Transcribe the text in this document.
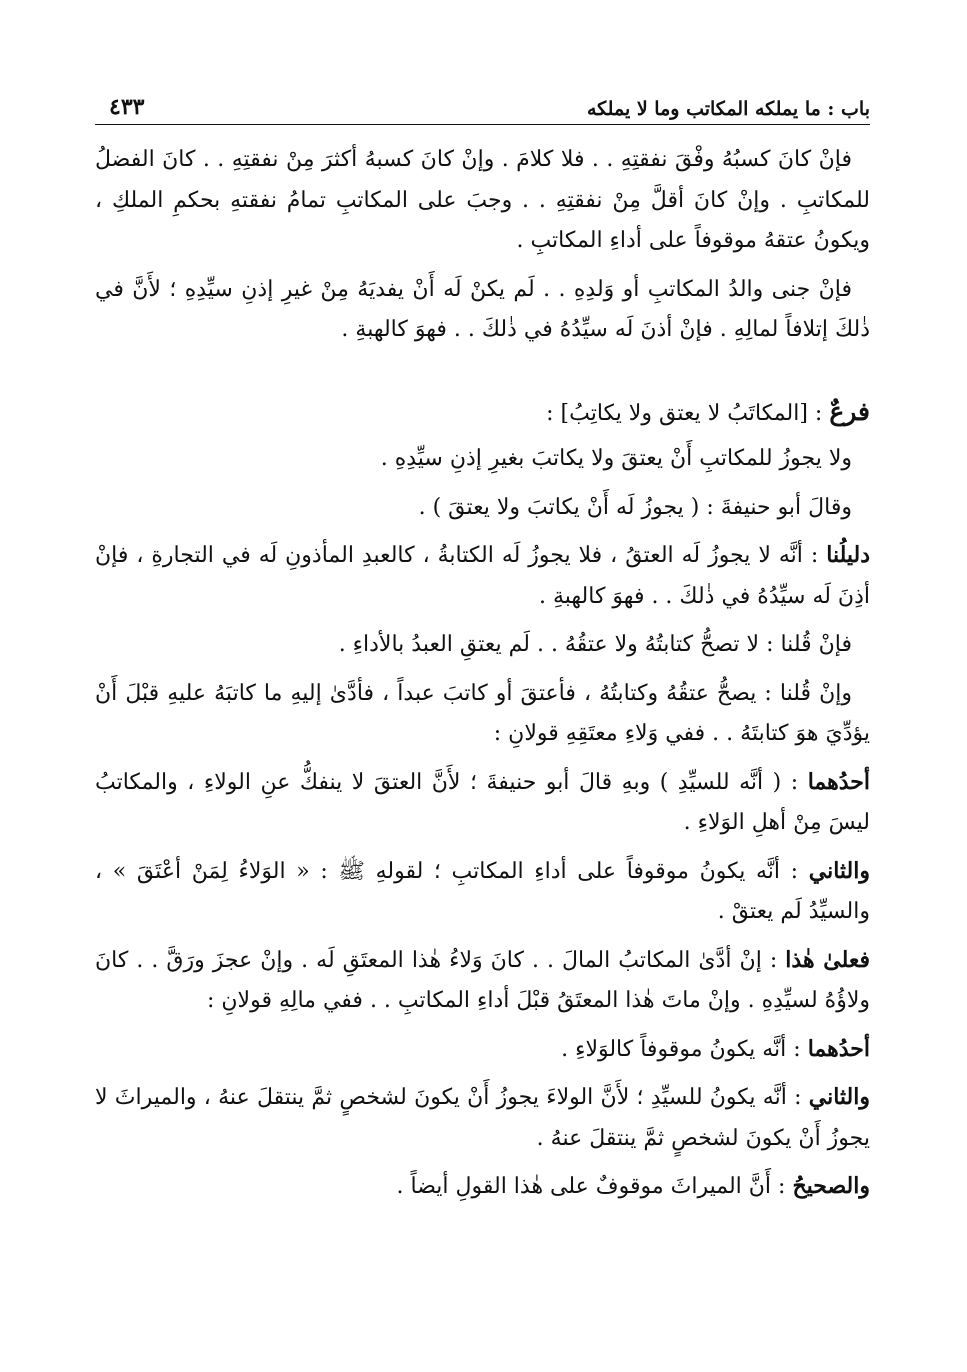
باب : ما يملكه المكاتب وما لا يملكه
٤٣٣

فإنْ كانَ كسبُهُ وفْقَ نفقتِهِ . . فلا كلامَ . وإنْ كانَ كسبهُ أكثرَ مِنْ نفقتِهِ . . كانَ الفضلُ للمكاتبِ . وإنْ كانَ أقلَّ مِنْ نفقتِهِ . . وجبَ على المكاتبِ تمامُ نفقتهِ بحكمِ الملكِ ، ويكونُ عتقهُ موقوفاً على أداءِ المكاتبِ .

فإنْ جنى والدُ المكاتبِ أو وَلدِهِ . . لَم يكنْ لَه أَنْ يفديَهُ مِنْ غيرِ إذنِ سيِّدِهِ ؛ لأَنَّ في ذٰلكَ إتلافاً لمالِهِ . فإنْ أذنَ لَه سيِّدُهُ في ذٰلكَ . . فهوَ كالهبةِ .

فرعٌ : [المكاتَبُ لا يعتق ولا يكاتِبُ] :

ولا يجوزُ للمكاتبِ أَنْ يعتقَ ولا يكاتبَ بغيرِ إذنِ سيِّدِهِ .

وقالَ أبو حنيفةَ : ( يجوزُ لَه أَنْ يكاتبَ ولا يعتقَ ) .

دليلُنا : أنَّه لا يجوزُ لَه العتقُ ، فلا يجوزُ لَه الكتابةُ ، كالعبدِ المأذونِ لَه في التجارةِ ، فإنْ أذِنَ لَه سيِّدُهُ في ذٰلكَ . . فهوَ كالهبةِ .

فإنْ قُلنا : لا تصحُّ كتابتُهُ ولا عتقُهُ . . لَم يعتقِ العبدُ بالأداءِ .

وإنْ قُلنا : يصحُّ عتقُهُ وكتابتُهُ ، فأعتقَ أو كاتبَ عبداً ، فأدَّىٰ إليهِ ما كاتبَهُ عليهِ قبْلَ أَنْ يؤدِّيَ هوَ كتابتَهُ . . ففي وَلاءِ معتَقِهِ قولانِ :

أحدُهما : ( أنَّه للسيِّدِ ) وبهِ قالَ أبو حنيفةَ ؛ لأَنَّ العتقَ لا ينفكُّ عنِ الولاءِ ، والمكاتبُ ليسَ مِنْ أهلِ الوَلاءِ .

والثاني : أنَّه يكونُ موقوفاً على أداءِ المكاتبِ ؛ لقولهِ ﷺ : « الوَلاءُ لِمَنْ أعْتَقَ » ، والسيِّدُ لَم يعتقْ .

فعلىٰ هٰذا : إنْ أدَّىٰ المكاتبُ المالَ . . كانَ وَلاءُ هٰذا المعتَقِ لَه . وإنْ عجزَ ورَقَّ . . كانَ ولاؤُهُ لسيِّدِهِ . وإنْ ماتَ هٰذا المعتَقُ قبْلَ أداءِ المكاتبِ . . ففي مالِهِ قولانِ :

أحدُهما : أنَّه يكونُ موقوفاً كالوَلاءِ .

والثاني : أنَّه يكونُ للسيِّدِ ؛ لأَنَّ الولاءَ يجوزُ أَنْ يكونَ لشخصٍ ثمَّ ينتقلَ عنهُ ، والميراثَ لا يجوزُ أَنْ يكونَ لشخصٍ ثمَّ ينتقلَ عنهُ .

والصحيحُ : أَنَّ الميراثَ موقوفٌ على هٰذا القولِ أيضاً .
